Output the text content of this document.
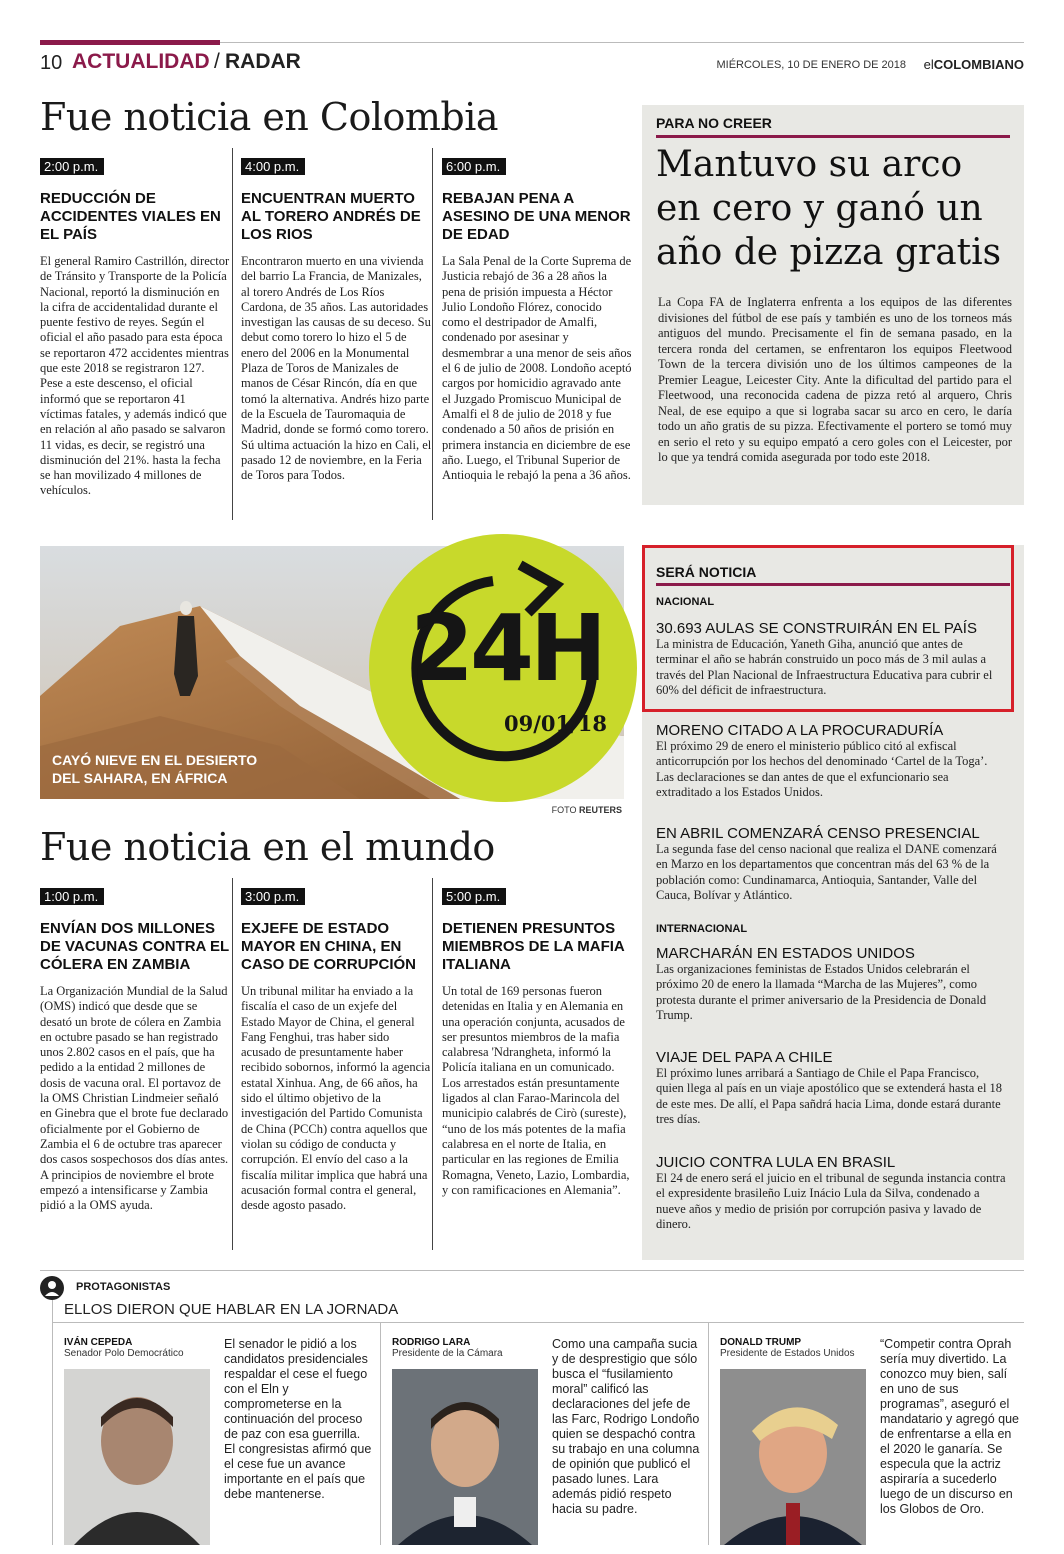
10 ACTUALIDAD / RADAR	MIÉRCOLES, 10 DE ENERO DE 2018 elCOLOMBIANO
Fue noticia en Colombia
2:00 p.m.
REDUCCIÓN DE ACCIDENTES VIALES EN EL PAÍS
El general Ramiro Castrillón, director de Tránsito y Transporte de la Policía Nacional, reportó la disminución en la cifra de accidentalidad durante el puente festivo de reyes. Según el oficial el año pasado para esta época se reportaron 472 accidentes mientras que este 2018 se registraron 127. Pese a este descenso, el oficial informó que se reportaron 41 víctimas fatales, y además indicó que en relación al año pasado se salvaron 11 vidas, es decir, se registró una disminución del 21%. hasta la fecha se han movilizado 4 millones de vehículos.
4:00 p.m.
ENCUENTRAN MUERTO AL TORERO ANDRÉS DE LOS RIOS
Encontraron muerto en una vivienda del barrio La Francia, de Manizales, al torero Andrés de Los Ríos Cardona, de 35 años. Las autoridades investigan las causas de su deceso. Su debut como torero lo hizo el 5 de enero del 2006 en la Monumental Plaza de Toros de Manizales de manos de César Rincón, día en que tomó la alternativa. Andrés hizo parte de la Escuela de Tauromaquia de Madrid, donde se formó como torero. Sú ultima actuación la hizo en Cali, el pasado 12 de noviembre, en la Feria de Toros para Todos.
6:00 p.m.
REBAJAN PENA A ASESINO DE UNA MENOR DE EDAD
La Sala Penal de la Corte Suprema de Justicia rebajó de 36 a 28 años la pena de prisión impuesta a Héctor Julio Londoño Flórez, conocido como el destripador de Amalfi, condenado por asesinar y desmembrar a una menor de seis años el 6 de julio de 2008. Londoño aceptó cargos por homicidio agravado ante el Juzgado Promiscuo Municipal de Amalfi el 8 de julio de 2018 y fue condenado a 50 años de prisión en primera instancia en diciembre de ese año. Luego, el Tribunal Superior de Antioquia le rebajó la pena a 36 años.
PARA NO CREER
Mantuvo su arco en cero y ganó un año de pizza gratis
La Copa FA de Inglaterra enfrenta a los equipos de las diferentes divisiones del fútbol de ese país y también es uno de los torneos más antiguos del mundo. Precisamente el fin de semana pasado, en la tercera ronda del certamen, se enfrentaron los equipos Fleetwood Town de la tercera división uno de los últimos campeones de la Premier League, Leicester City. Ante la dificultad del partido para el Fleetwood, una reconocida cadena de pizza retó al arquero, Chris Neal, de ese equipo a que si lograba sacar su arco en cero, le daría todo un año gratis de su pizza. Efectivamente el portero se tomó muy en serio el reto y su equipo empató a cero goles con el Leicester, por lo que ya tendrá comida asegurada por todo este 2018.
CAYÓ NIEVE EN EL DESIERTO
DEL SAHARA, EN ÁFRICA
24H
09/01/18
FOTO REUTERS
SERÁ NOTICIA
NACIONAL
30.693 AULAS SE CONSTRUIRÁN EN EL PAÍS
La ministra de Educación, Yaneth Giha, anunció que antes de terminar el año se habrán construido un poco más de 3 mil aulas a través del Plan Nacional de Infraestructura Educativa para cubrir el 60% del déficit de infraestructura.
MORENO CITADO A LA PROCURADURÍA
El próximo 29 de enero el ministerio público citó al exfiscal anticorrupción por los hechos del denominado ‘Cartel de la Toga’. Las declaraciones se dan antes de que el exfuncionario sea extraditado a los Estados Unidos.
EN ABRIL COMENZARÁ CENSO PRESENCIAL
La segunda fase del censo nacional que realiza el DANE comenzará en Marzo en los departamentos que concentran más del 63 % de la población como: Cundinamarca, Antioquia, Santander, Valle del Cauca, Bolívar y Atlántico.
INTERNACIONAL
MARCHARÁN EN ESTADOS UNIDOS
Las organizaciones feministas de Estados Unidos celebrarán el próximo 20 de enero la llamada “Marcha de las Mujeres”, como protesta durante el primer aniversario de la Presidencia de Donald Trump.
VIAJE DEL PAPA A CHILE
El próximo lunes arribará a Santiago de Chile el Papa Francisco, quien llega al país en un viaje apostólico que se extenderá hasta el 18 de este mes. De allí, el Papa sañdrá hacia Lima, donde estará durante tres días.
JUICIO CONTRA LULA EN BRASIL
El 24 de enero será el juicio en el tribunal de segunda instancia contra el expresidente brasileño Luiz Inácio Lula da Silva, condenado a nueve años y medio de prisión por corrupción pasiva y lavado de dinero.
Fue noticia en el mundo
1:00 p.m.
ENVÍAN DOS MILLONES DE VACUNAS CONTRA EL CÓLERA EN ZAMBIA
La Organización Mundial de la Salud (OMS) indicó que desde que se desató un brote de cólera en Zambia en octubre pasado se han registrado unos 2.802 casos en el país, que ha pedido a la entidad 2 millones de dosis de vacuna oral. El portavoz de la OMS Christian Lindmeier señaló en Ginebra que el brote fue declarado oficialmente por el Gobierno de Zambia el 6 de octubre tras aparecer dos casos sospechosos dos días antes. A principios de noviembre el brote empezó a intensificarse y Zambia pidió a la OMS ayuda.
3:00 p.m.
EXJEFE DE ESTADO MAYOR EN CHINA, EN CASO DE CORRUPCIÓN
Un tribunal militar ha enviado a la fiscalía el caso de un exjefe del Estado Mayor de China, el general Fang Fenghui, tras haber sido acusado de presuntamente haber recibido sobornos, informó la agencia estatal Xinhua. Ang, de 66 años, ha sido el último objetivo de la investigación del Partido Comunista de China (PCCh) contra aquellos que violan su código de conducta y corrupción. El envío del caso a la fiscalía militar implica que habrá una acusación formal contra el general, desde agosto pasado.
5:00 p.m.
DETIENEN PRESUNTOS MIEMBROS DE LA MAFIA ITALIANA
Un total de 169 personas fueron detenidas en Italia y en Alemania en una operación conjunta, acusados de ser presuntos miembros de la mafia calabresa 'Ndrangheta, informó la Policía italiana en un comunicado. Los arrestados están presuntamente ligados al clan Farao-Marincola del municipio calabrés de Cirò (sureste), “uno de los más potentes de la mafia calabresa en el norte de Italia, en particular en las regiones de Emilia Romagna, Veneto, Lazio, Lombardia, y con ramificaciones en Alemania”.
PROTAGONISTAS
ELLOS DIERON QUE HABLAR EN LA JORNADA
IVÁN CEPEDA
Senador Polo Democrático
El senador le pidió a los candidatos presidenciales respaldar el cese el fuego con el Eln y comprometerse en la continuación del proceso de paz con esa guerrilla. El congresistas afirmó que el cese fue un avance importante en el país que debe mantenerse.
RODRIGO LARA
Presidente de la Cámara
Como una campaña sucia y de desprestigio que sólo busca el “fusilamiento moral” calificó las declaraciones del jefe de las Farc, Rodrigo Londoño quien se despachó contra su trabajo en una columna de opinión que publicó el pasado lunes. Lara además pidió respeto hacia su padre.
DONALD TRUMP
Presidente de Estados Unidos
“Competir contra Oprah sería muy divertido. La conozco muy bien, salí en uno de sus programas”, aseguró el mandatario y agregó que de enfrentarse a ella en el 2020 le ganaría. Se especula que la actriz aspiraría a sucederlo luego de un discurso en los Globos de Oro.
